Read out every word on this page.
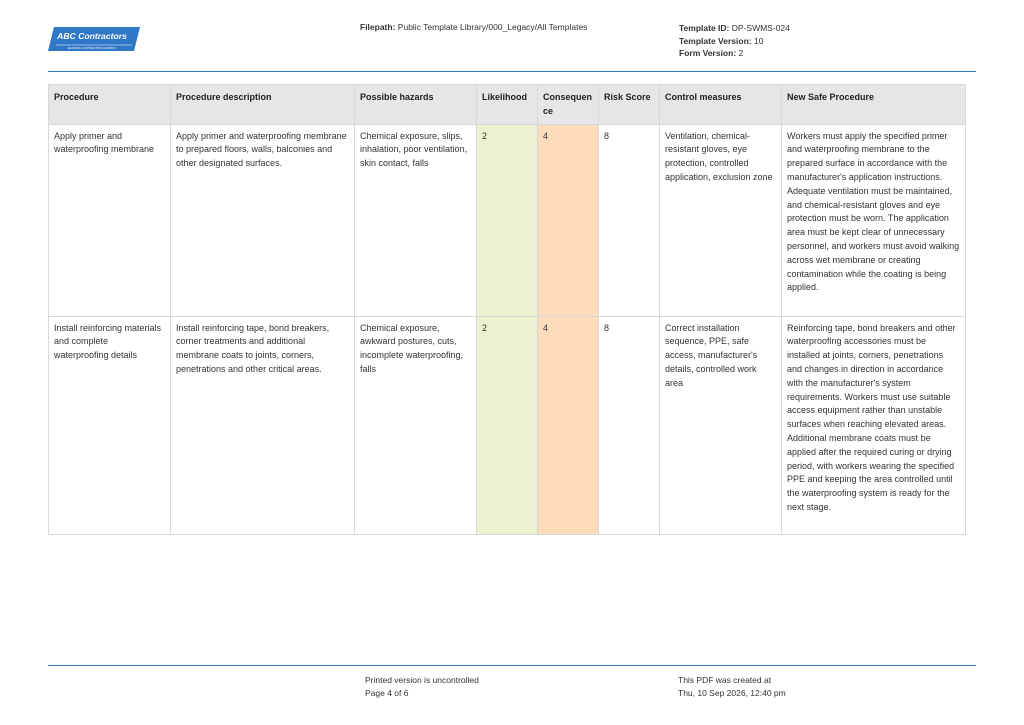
ABC Contractors
EXAMPLE CONTRACTOR COMPANY
Filepath: Public Template Library/000_Legacy/All Templates	Template ID: DP-SWMS-024
Template Version: 10
Form Version: 2
Procedure	Procedure description	Possible hazards	Likelihood	Consequence	Risk Score	Control measures	New Safe Procedure
Apply primer and waterproofing membrane	Apply primer and waterproofing membrane to prepared floors, walls, balconies and other designated surfaces.	Chemical exposure, slips, inhalation, poor ventilation, skin contact, falls	2	4	8	Ventilation, chemical-resistant gloves, eye protection, controlled application, exclusion zone	Workers must apply the specified primer and waterproofing membrane to the prepared surface in accordance with the manufacturer's application instructions. Adequate ventilation must be maintained, and chemical-resistant gloves and eye protection must be worn. The application area must be kept clear of unnecessary personnel, and workers must avoid walking across wet membrane or creating contamination while the coating is being applied.
Install reinforcing materials and complete waterproofing details	Install reinforcing tape, bond breakers, corner treatments and additional membrane coats to joints, corners, penetrations and other critical areas.	Chemical exposure, awkward postures, cuts, incomplete waterproofing, falls	2	4	8	Correct installation sequence, PPE, safe access, manufacturer's details, controlled work area	Reinforcing tape, bond breakers and other waterproofing accessories must be installed at joints, corners, penetrations and changes in direction in accordance with the manufacturer's system requirements. Workers must use suitable access equipment rather than unstable surfaces when reaching elevated areas. Additional membrane coats must be applied after the required curing or drying period, with workers wearing the specified PPE and keeping the area controlled until the waterproofing system is ready for the next stage.
Printed version is uncontrolled
Page 4 of 6
This PDF was created at
Thu, 10 Sep 2026, 12:40 pm
